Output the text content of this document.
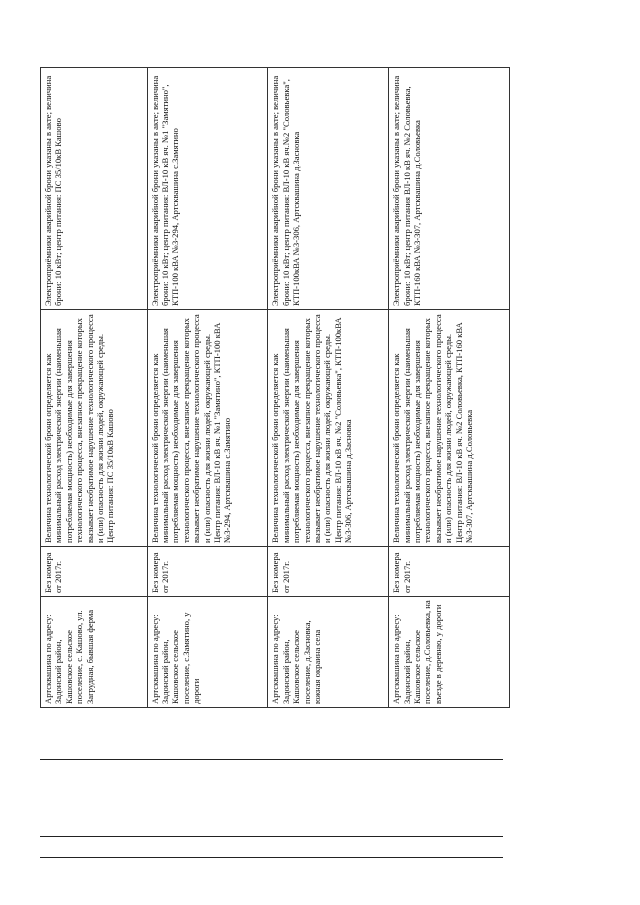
Артсквашина по адресу: Задонский район, Кашовское сельское поселение, с. Кашово, ул. Загрудная, бывшая ферма	Без номера от 2017г.	Величина технологической брони определяется как минимальный расход электрической энергии (наименьшая потребляемая мощность) необходимые для завершения технологического процесса, внезапное прекращение которых вызывает необратимое нарушение технологического процесса и (или) опасность для жизни людей, окружающей среды. Центр питания: ПС 35/10кВ Кашово	Электроприёмники аварийной брони указаны в акте; величина брони: 10 кВт; центр питания: ПС 35/10кВ Кашово
Артсквашина по адресу: Задонский район, Кашовское сельское поселение, с.Замятино, у дороги	Без номера от 2017г.	Величина технологической брони определяется как минимальный расход электрической энергии (наименьшая потребляемая мощность) необходимые для завершения технологического процесса, внезапное прекращение которых вызывает необратимое нарушение технологического процесса и (или) опасность для жизни людей, окружающей среды. Центр питания: ВЛ-10 кВ яч. №1 "Замятино", КТП-100 кВА №3-294, Артсквашина с.Замятино	Электроприёмники аварийной брони указаны в акте; величина брони: 10 кВт; центр питания: ВЛ-10 кВ яч. №1 "Замятино", КТП-100 кВА №3-294, Артсквашина с.Замятино
Артсквашина по адресу: Задонский район, Кашовское сельское поселение, д.Засновка, южная окраина села	Без номера от 2017г.	Величина технологической брони определяется как минимальный расход электрической энергии (наименьшая потребляемая мощность) необходимые для завершения технологического процесса, внезапное прекращение которых вызывает необратимое нарушение технологического процесса и (или) опасность для жизни людей, окружающей среды. Центр питания: ВЛ-10 кВ яч. №2 "Соловьевка", КТП-100кВА №3-306, Артсквашина д.Засновка	Электроприёмники аварийной брони указаны в акте; величина брони: 10 кВт; центр питания: ВЛ-10 кВ яч.№2 "Соловьевка", КТП-100кВА №3-306, Артсквашина д.Засновка
Артсквашина по адресу: Задонский район, Кашовское сельское поселение, д.Соловьевка, на въезде в деревню, у дороги	Без номера от 2017г.	Величина технологической брони определяется как минимальный расход электрической энергии (наименьшая потребляемая мощность) необходимые для завершения технологического процесса, внезапное прекращение которых вызывает необратимое нарушение технологического процесса и (или) опасность для жизни людей, окружающей среды. Центр питания: ВЛ-10 кВ яч. №2 Соловьевка, КТП-160 кВА №3-307, Артсквашина д.Соловьевка	Электроприёмники аварийной брони указаны в акте; величина брони: 10 кВт; центр питания ВЛ-10 кВ яч. №2 Соловьевка, КТП-160 кВА №3-307, Артсквашина д.Соловьевка
